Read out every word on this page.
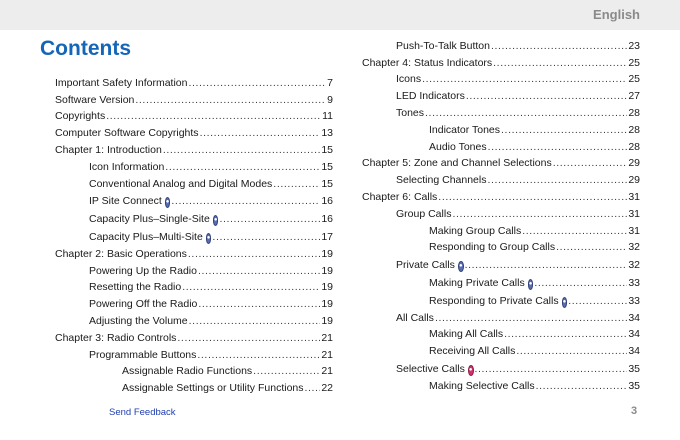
English
Contents
Important Safety Information .....	7
Software Version .....	9
Copyrights .....	11
Computer Software Copyrights .....	13
Chapter 1: Introduction .....	15
Icon Information .....	15
Conventional Analog and Digital Modes .....	15
IP Site Connect ● .....	16
Capacity Plus–Single-Site ● .....	16
Capacity Plus–Multi-Site ● .....	17
Chapter 2: Basic Operations .....	19
Powering Up the Radio .....	19
Resetting the Radio .....	19
Powering Off the Radio .....	19
Adjusting the Volume .....	19
Chapter 3: Radio Controls .....	21
Programmable Buttons .....	21
Assignable Radio Functions .....	21
Assignable Settings or Utility Functions ..... 22
Push-To-Talk Button .....	23
Chapter 4: Status Indicators .....	25
Icons .....	25
LED Indicators .....	27
Tones .....	28
Indicator Tones .....	28
Audio Tones .....	28
Chapter 5: Zone and Channel Selections .....	29
Selecting Channels .....	29
Chapter 6: Calls .....	31
Group Calls .....	31
Making Group Calls .....	31
Responding to Group Calls .....	32
Private Calls ● .....	32
Making Private Calls ● .....	33
Responding to Private Calls ● .....	33
All Calls .....	34
Making All Calls .....	34
Receiving All Calls .....	34
Selective Calls ● .....	35
Making Selective Calls .....	35
Send Feedback	3
